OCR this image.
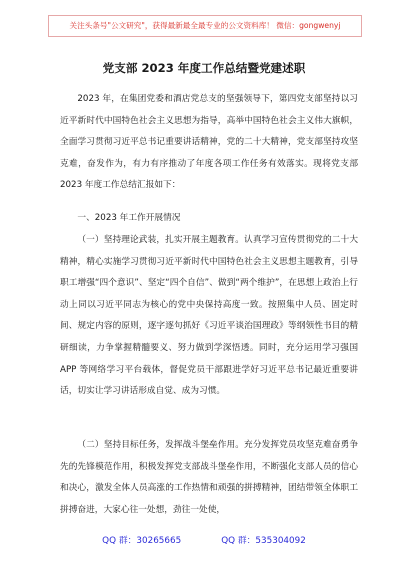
关注头条号"公文研究"，获得最新最全最专业的公文资料库！ 微信：gongwenyj
党支部 2023 年度工作总结暨党建述职

2023 年，在集团党委和酒店党总支的坚强领导下，第四党支部坚持以习近平新时代中国特色社会主义思想为指导，高举中国特色社会主义伟大旗帜，全面学习贯彻习近平总书记重要讲话精神，党的二十大精神，党支部坚持攻坚克难，奋发作为，有力有序推动了年度各项工作任务有效落实。现将党支部 2023 年度工作总结汇报如下：

一、2023 年工作开展情况

（一）坚持理论武装，扎实开展主题教育。认真学习宣传贯彻党的二十大精神，精心实施学习贯彻习近平新时代中国特色社会主义思想主题教育，引导职工增强“四个意识”、坚定“四个自信”、做到“两个维护”，在思想上政治上行动上同以习近平同志为核心的党中央保持高度一致。按照集中人员、固定时间、规定内容的原则，逐字逐句抓好《习近平谈治国理政》等纲领性书目的精研细读，力争掌握精髓要义、努力做到学深悟透。同时，充分运用学习强国 APP 等网络学习平台载体，督促党员干部跟进学好习近平总书记最近重要讲话，切实让学习讲话形成自觉、成为习惯。

（二）坚持目标任务，发挥战斗堡垒作用。充分发挥党员攻坚克难奋勇争先的先锋模范作用，积极发挥党支部战斗堡垒作用，不断强化支部人员的信心和决心，激发全体人员高涨的工作热情和顽强的拼搏精神，团结带领全体职工拼搏奋进，大家心往一处想，劲往一处使，

QQ 群：30265665	QQ 群：535304092
